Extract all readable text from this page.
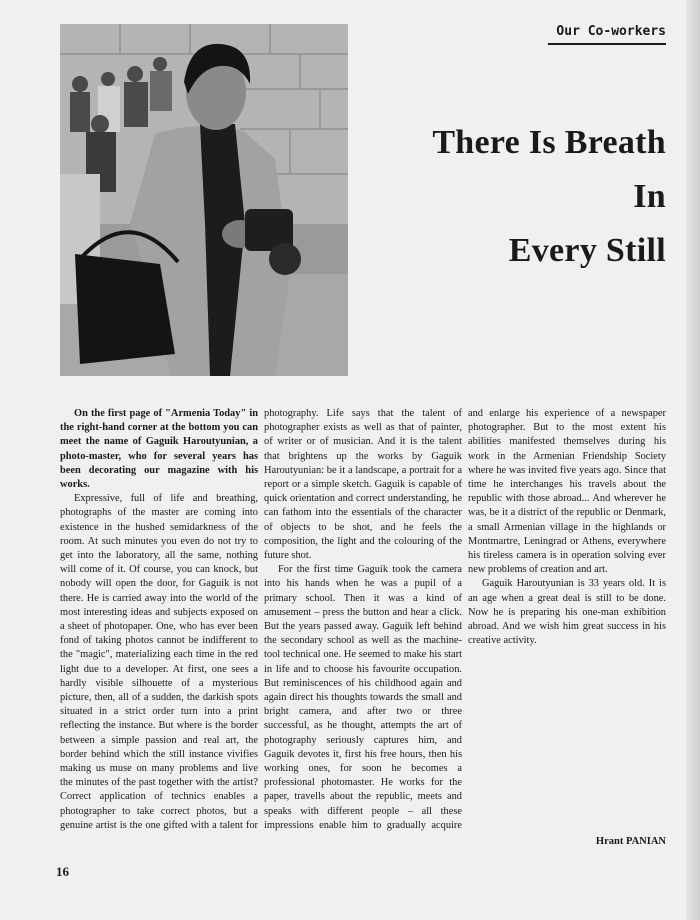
Our Co-workers
There Is Breath
In
Every Still

On the first page of "Armenia Today" in the right-hand corner at the bottom you can meet the name of Gaguik Haroutyunian, a photo-master, who for several years has been decorating our magazine with his works.

Expressive, full of life and breathing, photographs of the master are coming into existence in the hushed semidarkness of the room. At such minutes you even do not try to get into the laboratory, all the same, nothing will come of it. Of course, you can knock, but nobody will open the door, for Gaguik is not there. He is carried away into the world of the most interesting ideas and subjects exposed on a sheet of photopaper. One, who has ever been fond of taking photos cannot be indifferent to the "magic", materializing each time in the red light due to a developer. At first, one sees a hardly visible silhouette of a mysterious picture, then, all of a sudden, the darkish spots situated in a strict order turn into a print reflecting the instance. But where is the border between a simple passion and real art, the border behind which the still instance vivifies making us muse on many problems and live the minutes of the past together with the artist? Correct application of technics enables a photographer to take correct photos, but a genuine artist is the one gifted with a talent for photography. Life says that the talent of photographer exists as well as that of painter, of writer or of musician. And it is the talent that brightens up the works by Gaguik Haroutyunian: be it a landscape, a portrait for a report or a simple sketch. Gaguik is capable of quick orientation and correct understanding, he can fathom into the essentials of the character of objects to be shot, and he feels the composition, the light and the colouring of the future shot.

For the first time Gaguik took the camera into his hands when he was a pupil of a primary school. Then it was a kind of amusement – press the button and hear a click. But the years passed away. Gaguik left behind the secondary school as well as the machine-tool technical one. He seemed to make his start in life and to choose his favourite occupation. But reminiscences of his childhood again and again direct his thoughts towards the small and bright camera, and after two or three successful, as he thought, attempts the art of photography seriously captures him, and Gaguik devotes it, first his free hours, then his working ones, for soon he becomes a professional photomaster. He works for the paper, travells about the republic, meets and speaks with different people – all these impressions enable him to gradually acquire and enlarge his experience of a newspaper photographer. But to the most extent his abilities manifested themselves during his work in the Armenian Friendship Society where he was invited five years ago. Since that time he interchanges his travels about the republic with those abroad... And wherever he was, be it a district of the republic or Denmark, a small Armenian village in the highlands or Montmartre, Leningrad or Athens, everywhere his tireless camera is in operation solving ever new problems of creation and art.

Gaguik Haroutyunian is 33 years old. It is an age when a great deal is still to be done. Now he is preparing his one-man exhibition abroad. And we wish him great success in his creative activity.

Hrant PANIAN
16
